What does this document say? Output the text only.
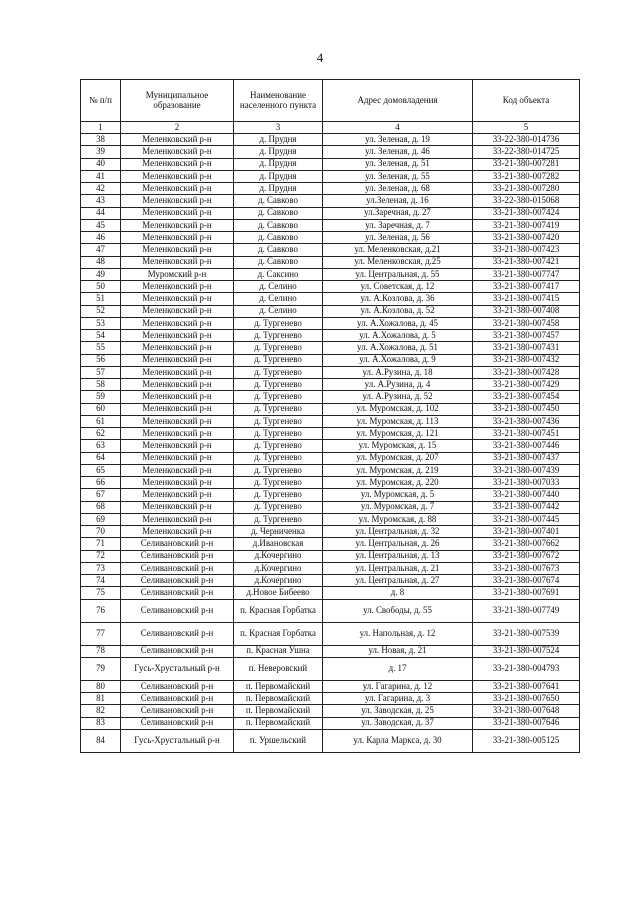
4
№ п/п	Муниципальное образование	Наименование населенного пункта	Адрес домовладения	Код объекта
1	2	3	4	5
38	Меленковский р-н	д. Прудня	ул. Зеленая, д. 19	33-22-380-014736
39	Меленковский р-н	д. Прудня	ул. Зеленая, д. 46	33-22-380-014725
40	Меленковский р-н	д. Прудня	ул. Зеленая, д. 51	33-21-380-007281
41	Меленковский р-н	д. Прудня	ул. Зеленая, д. 55	33-21-380-007282
42	Меленковский р-н	д. Прудня	ул. Зеленая, д. 68	33-21-380-007280
43	Меленковский р-н	д. Савково	ул.Зеленая, д. 16	33-22-380-015068
44	Меленковский р-н	д. Савково	ул.Заречная, д. 27	33-21-380-007424
45	Меленковский р-н	д. Савково	ул. Заречная, д. 7	33-21-380-007419
46	Меленковский р-н	д. Савково	ул. Зеленая, д. 56	33-21-380-007420
47	Меленковский р-н	д. Савково	ул. Меленковская, д.21	33-21-380-007423
48	Меленковский р-н	д. Савково	ул. Меленковская, д.25	33-21-380-007421
49	Муромский р-н	д. Саксино	ул. Центральная, д. 55	33-21-380-007747
50	Меленковский р-н	д. Селино	ул. Советская, д. 12	33-21-380-007417
51	Меленковский р-н	д. Селино	ул. А.Козлова, д. 36	33-21-380-007415
52	Меленковский р-н	д. Селино	ул. А.Козлова, д. 52	33-21-380-007408
53	Меленковский р-н	д. Тургенево	ул. А.Хожалова, д. 45	33-21-380-007458
54	Меленковский р-н	д. Тургенево	ул. А.Хожалова, д. 5	33-21-380-007457
55	Меленковский р-н	д. Тургенево	ул. А.Хожалова, д. 51	33-21-380-007431
56	Меленковский р-н	д. Тургенево	ул. А.Хожалова, д. 9	33-21-380-007432
57	Меленковский р-н	д. Тургенево	ул. А.Рузина, д. 18	33-21-380-007428
58	Меленковский р-н	д. Тургенево	ул. А.Рузина, д. 4	33-21-380-007429
59	Меленковский р-н	д. Тургенево	ул. А.Рузина, д. 52	33-21-380-007454
60	Меленковский р-н	д. Тургенево	ул. Муромская, д. 102	33-21-380-007450
61	Меленковский р-н	д. Тургенево	ул. Муромская, д. 113	33-21-380-007436
62	Меленковский р-н	д. Тургенево	ул. Муромская, д. 121	33-21-380-007451
63	Меленковский р-н	д. Тургенево	ул. Муромская, д. 15	33-21-380-007446
64	Меленковский р-н	д. Тургенево	ул. Муромская, д. 207	33-21-380-007437
65	Меленковский р-н	д. Тургенево	ул. Муромская, д. 219	33-21-380-007439
66	Меленковский р-н	д. Тургенево	ул. Муромская, д. 220	33-21-380-007033
67	Меленковский р-н	д. Тургенево	ул. Муромская, д. 5	33-21-380-007440
68	Меленковский р-н	д. Тургенево	ул. Муромская, д. 7	33-21-380-007442
69	Меленковский р-н	д. Тургенево	ул. Муромская, д. 88	33-21-380-007445
70	Меленковский р-н	д. Черниченка	ул. Центральная, д. 32	33-21-380-007401
71	Селивановский р-н	д.Ивановская	ул. Центральная, д. 26	33-21-380-007662
72	Селивановский р-н	д.Кочергино	ул. Центральная, д. 13	33-21-380-007672
73	Селивановский р-н	д.Кочергино	ул. Центральная, д. 21	33-21-380-007673
74	Селивановский р-н	д.Кочергино	ул. Центральная, д. 27	33-21-380-007674
75	Селивановский р-н	д.Новое Бибеево	д. 8	33-21-380-007691
76	Селивановский р-н	п. Красная Горбатка	ул. Свободы, д. 55	33-21-380-007749
77	Селивановский р-н	п. Красная Горбатка	ул. Напольная, д. 12	33-21-380-007539
78	Селивановский р-н	п. Красная Ушна	ул. Новая, д. 21	33-21-380-007524
79	Гусь-Хрустальный р-н	п. Неверовский	д. 17	33-21-380-004793
80	Селивановский р-н	п. Первомайский	ул. Гагарина, д. 12	33-21-380-007641
81	Селивановский р-н	п. Первомайский	ул. Гагарина, д. 3	33-21-380-007650
82	Селивановский р-н	п. Первомайский	ул. Заводская, д. 25	33-21-380-007648
83	Селивановский р-н	п. Первомайский	ул. Заводская, д. 37	33-21-380-007646
84	Гусь-Хрустальный р-н	п. Уршельский	ул. Карла Маркса, д. 30	33-21-380-005125
